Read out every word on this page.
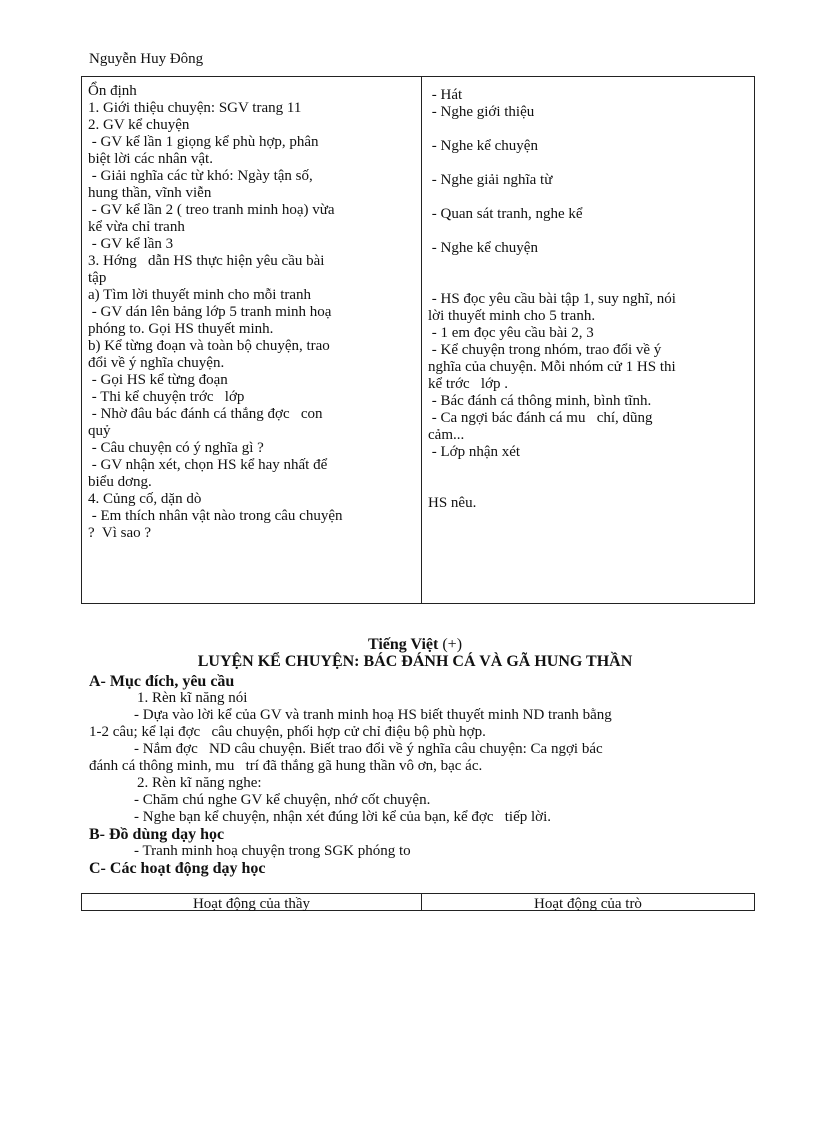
Nguyễn Huy Đông
Ổn định
1. Giới thiệu chuyện: SGV trang 11
2. GV kể chuyện
- GV kể lần 1 giọng kể phù hợp, phân
biệt lời các nhân vật.
- Giải nghĩa các từ khó: Ngày tận số,
hung thần, vĩnh viễn
- GV kể lần 2 ( treo tranh minh hoạ) vừa
kể vừa chỉ tranh
- GV kể lần 3
3. Hớng   dẫn HS thực hiện yêu cầu bài
tập
a) Tìm lời thuyết minh cho mỗi tranh
- GV dán lên bảng lớp 5 tranh minh hoạ
phóng to. Gọi HS thuyết minh.
b) Kể từng đoạn và toàn bộ chuyện, trao
đổi về ý nghĩa chuyện.
- Gọi HS kể từng đoạn
- Thi kể chuyện trớc   lớp
- Nhờ đâu bác đánh cá thắng đợc   con
quỷ
- Câu chuyện có ý nghĩa gì ?
- GV nhận xét, chọn HS kể hay nhất để
biểu dơng.
4. Củng cố, dặn dò
- Em thích nhân vật nào trong câu chuyện
?  Vì sao ?
- Hát
- Nghe giới thiệu
- Nghe kể chuyện
- Nghe giải nghĩa từ
- Quan sát tranh, nghe kể
- Nghe kể chuyện
- HS đọc yêu cầu bài tập 1, suy nghĩ, nói
lời thuyết minh cho 5 tranh.
- 1 em đọc yêu cầu bài 2, 3
- Kể chuyện trong nhóm, trao đổi về ý
nghĩa của chuyện. Mỗi nhóm cử 1 HS thi
kể trớc   lớp .
- Bác đánh cá thông minh, bình tĩnh.
- Ca ngợi bác đánh cá mu   chí, dũng
cảm...
- Lớp nhận xét
HS nêu.
Tiếng Việt (+)
LUYỆN KỂ CHUYỆN: BÁC ĐÁNH CÁ VÀ GÃ HUNG THẦN
A- Mục đích, yêu cầu
1. Rèn kĩ năng nói
- Dựa vào lời kể của GV và tranh minh hoạ HS biết thuyết minh ND tranh bằng
1-2 câu; kể lại đợc   câu chuyện, phối hợp cử chỉ điệu bộ phù hợp.
- Nắm đợc   ND câu chuyện. Biết trao đổi về ý nghĩa câu chuyện: Ca ngợi bác
đánh cá thông minh, mu   trí đã thắng gã hung thần vô ơn, bạc ác.
2. Rèn kĩ năng nghe:
- Chăm chú nghe GV kể chuyện, nhớ cốt chuyện.
- Nghe bạn kể chuyện, nhận xét đúng lời kể của bạn, kể đợc   tiếp lời.
B- Đồ dùng dạy học
- Tranh minh hoạ chuyện trong SGK phóng to
C- Các hoạt động dạy học
Hoạt động của thầy	Hoạt động của trò
